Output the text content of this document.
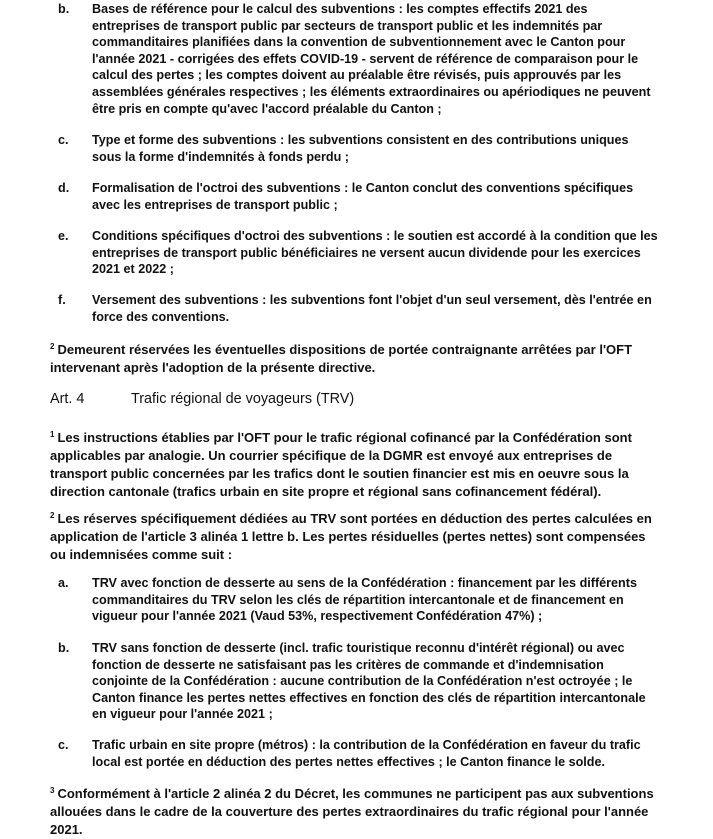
b.	Bases de référence pour le calcul des subventions : les comptes effectifs 2021 des entreprises de transport public par secteurs de transport public et les indemnités par commanditaires planifiées dans la convention de subventionnement avec le Canton pour l'année 2021 - corrigées des effets COVID-19 - servent de référence de comparaison pour le calcul des pertes ; les comptes doivent au préalable être révisés, puis approuvés par les assemblées générales respectives ; les éléments extraordinaires ou apériodiques ne peuvent être pris en compte qu'avec l'accord préalable du Canton ;
c.	Type et forme des subventions : les subventions consistent en des contributions uniques sous la forme d'indemnités à fonds perdu ;
d.	Formalisation de l'octroi des subventions : le Canton conclut des conventions spécifiques avec les entreprises de transport public ;
e.	Conditions spécifiques d'octroi des subventions : le soutien est accordé à la condition que les entreprises de transport public bénéficiaires ne versent aucun dividende pour les exercices 2021 et 2022 ;
f.	Versement des subventions : les subventions font l'objet d'un seul versement, dès l'entrée en force des conventions.
$^2$ Demeurent réservées les éventuelles dispositions de portée contraignante arrêtées par l'OFT intervenant après l'adoption de la présente directive.
Art. 4	Trafic régional de voyageurs (TRV)
$^1$ Les instructions établies par l'OFT pour le trafic régional cofinancé par la Confédération sont applicables par analogie. Un courrier spécifique de la DGMR est envoyé aux entreprises de transport public concernées par les trafics dont le soutien financier est mis en oeuvre sous la direction cantonale (trafics urbain en site propre et régional sans cofinancement fédéral).
$^2$ Les réserves spécifiquement dédiées au TRV sont portées en déduction des pertes calculées en application de l'article 3 alinéa 1 lettre b. Les pertes résiduelles (pertes nettes) sont compensées ou indemnisées comme suit :
a.	TRV avec fonction de desserte au sens de la Confédération : financement par les différents commanditaires du TRV selon les clés de répartition intercantonale et de financement en vigueur pour l'année 2021 (Vaud 53%, respectivement Confédération 47%) ;
b.	TRV sans fonction de desserte (incl. trafic touristique reconnu d'intérêt régional) ou avec fonction de desserte ne satisfaisant pas les critères de commande et d'indemnisation conjointe de la Confédération : aucune contribution de la Confédération n'est octroyée ; le Canton finance les pertes nettes effectives en fonction des clés de répartition intercantonale en vigueur pour l'année 2021 ;
c.	Trafic urbain en site propre (métros) : la contribution de la Confédération en faveur du trafic local est portée en déduction des pertes nettes effectives ; le Canton finance le solde.
$^3$ Conformément à l'article 2 alinéa 2 du Décret, les communes ne participent pas aux subventions allouées dans le cadre de la couverture des pertes extraordinaires du trafic régional pour l'année 2021.
